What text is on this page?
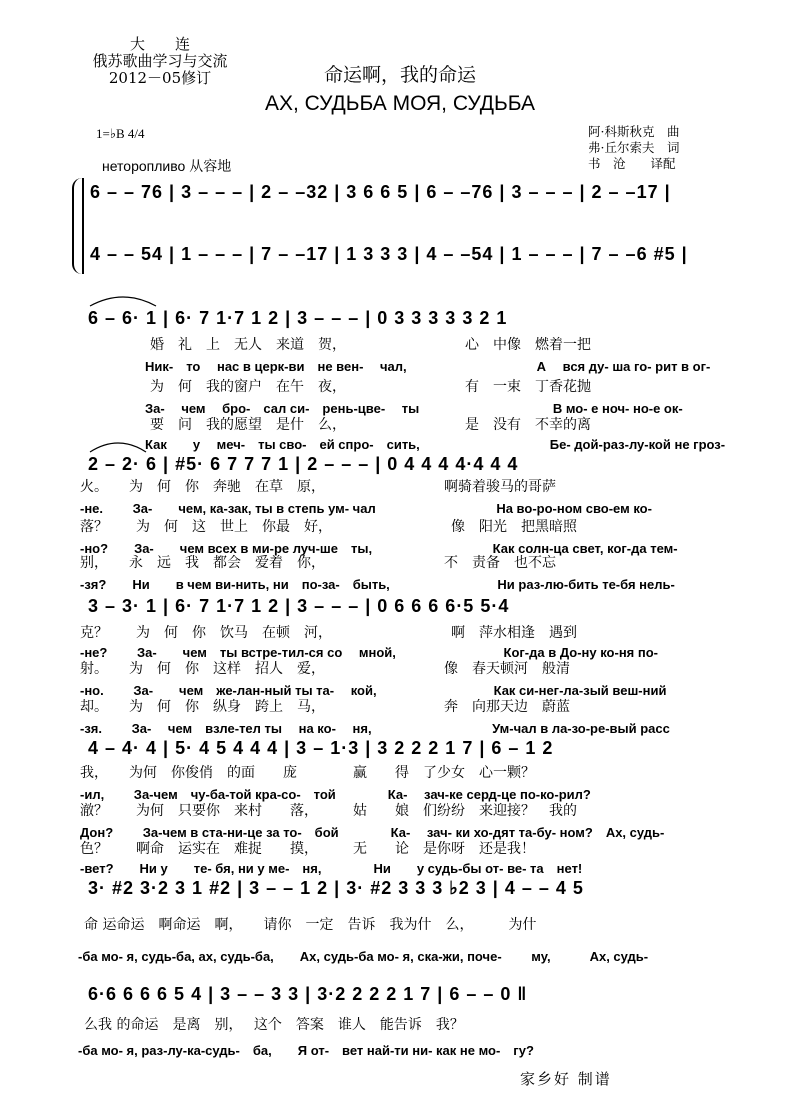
大　　连
俄苏歌曲学习与交流
2012－05修订	命运啊，我的命运
АХ, СУДЬБА МОЯ, СУДЬБА
阿·科斯秋克　曲
弗·丘尔索夫　词
书　沧　　译配
1=♭B 4/4
неторопливо 从容地
6 – – 76 | 3 – – – | 2 – –32 | 3 6 6 5 | 6 – –76 | 3 – – – | 2 – –17 |
4 – – 54 | 1 – – – | 7 – –17 | 1 3 3 3 | 4 – –54 | 1 – – – | 7 – –6 #5 |
6 – 6· 1 | 6· 7 1·7 1 2 | 3 – – – | 0 3 3 3 3 3 2 1
　　　　　婚　礼　上　无人　来道　贺，　　　　　　　　　心　中像　燃着一把
　　　　　Ник-　то　 нас в церк-ви　не вен-　 чал,　　　　　　　　　　А　 вся ду- ша го- рит в ог-
　　　　　为　何　我的窗户　在午　夜，　　　　　　　　　有　一束　丁香花抛
　　　　　За-　 чем　 бро-　сал си-　рень-цве-　 ты　　　　　　　　　　 В мо- е ноч- но-е ок-
　　　　　要　问　我的愿望　是什　么，　　　　　　　　　是　没有　不幸的离
　　　　　Как　　у　 меч-　ты сво-　ей спро-　сить,　　　　　　　　　　Бе- дой-раз-лу-кой не гроз-
2 – 2· 6 | #5· 6 7 7 7 1 | 2 – – – | 0 4 4 4 4·4 4 4
火。　　为　何　你　奔驰　在草　原，　　　　　　　　　啊骑着骏马的哥萨
-не.　　 За-　　чем, ка-зак, ты в степь ум- чал　　　　　　　　　 На во-ро-ном сво-ем ко-
落？　　为　何　这　世上　你最　好，　　　　　　　　　像　阳光　把黑暗照
-но?　　За-　　чем всех в ми-ре луч-ше　ты,　　　　　　　　　 Как солн-ца свет, ког-да тем-
别，　　永　远　我　都会　爱着　你，　　　　　　　　　不　责备　也不忘
-зя?　　Ни　　в чем ви-нить, ни　по-за-　быть,　　　　　　　　 Ни раз-лю-бить те-бя нель-
3 – 3· 1 | 6· 7 1·7 1 2 | 3 – – – | 0 6 6 6 6·5 5·4
克？　　为　何　你　饮马　在顿　河，　　　　　　　　　啊　萍水相逢　遇到
-не?　　 За-　　чем　ты встре-тил-ся со　 мной,　　　　　　　　 Ког-да в До-ну ко-ня по-
射。　　为　何　你　这样　招人　爱，　　　　　　　　　像　春天顿河　般清
-но.　　 За-　　чем　же-лан-ный ты та-　 кой,　　　　　　　　　Как си-нег-ла-зый веш-ний
却。　　为　何　你　纵身　跨上　马，　　　　　　　　　奔　向那天边　蔚蓝
-зя.　　 За-　 чем　взле-тел ты　 на ко-　 ня,　　　　　　　　　 Ум-чал в ла-зо-ре-вый расс
4 – 4· 4 | 5· 4 5 4 4 4 | 3 – 1·3 | 3 2 2 2 1 7 | 6 – 1 2
我，　　为何　你俊俏　的面　　庞　　　　赢　　得　了少女　心一颗？
-ил,　　 За-чем　чу-ба-той кра-со-　той　　　　Ка-　 зач-ке серд-це по-ко-рил?
澈？　　为何　只要你　来村　　落，　　　姑　　娘　们纷纷　来迎接？　我的
Дон?　　 За-чем в ста-ни-це за то-　бой　　　　Ка-　 зач- ки хо-дят та-бу- ном?　Ах, судь-
色？　　啊命　运实在　难捉　　摸，　　　无　　论　是你呀　还是我！
-вет?　　Ни у　　те- бя, ни у ме-　ня,　　　　Ни　　у судь-бы от- ве- та　нет!
3· #2 3·2 3 1 #2 | 3 – – 1 2 | 3· #2 3 3 3 ♭2 3 | 4 – – 4 5
命 运命运　啊命运　啊，　　请你　一定　告诉　我为什　么，　　　为什
-ба мо- я, судь-ба, ах, судь-ба,　　Ах, судь-ба мо- я, ска-жи, поче-　　 му,　　　Ах, судь-
6·6 6 6 6 5 4 | 3 – – 3 3 | 3·2 2 2 2 1 7 | 6 – – 0 ‖
么我 的命运　是离　别，　 这个　答案　谁人　能告诉　我？
-ба мо- я, раз-лу-ка-судь-　ба,　　Я от-　вет най-ти ни- как не мо-　гу?
家乡好 制谱
